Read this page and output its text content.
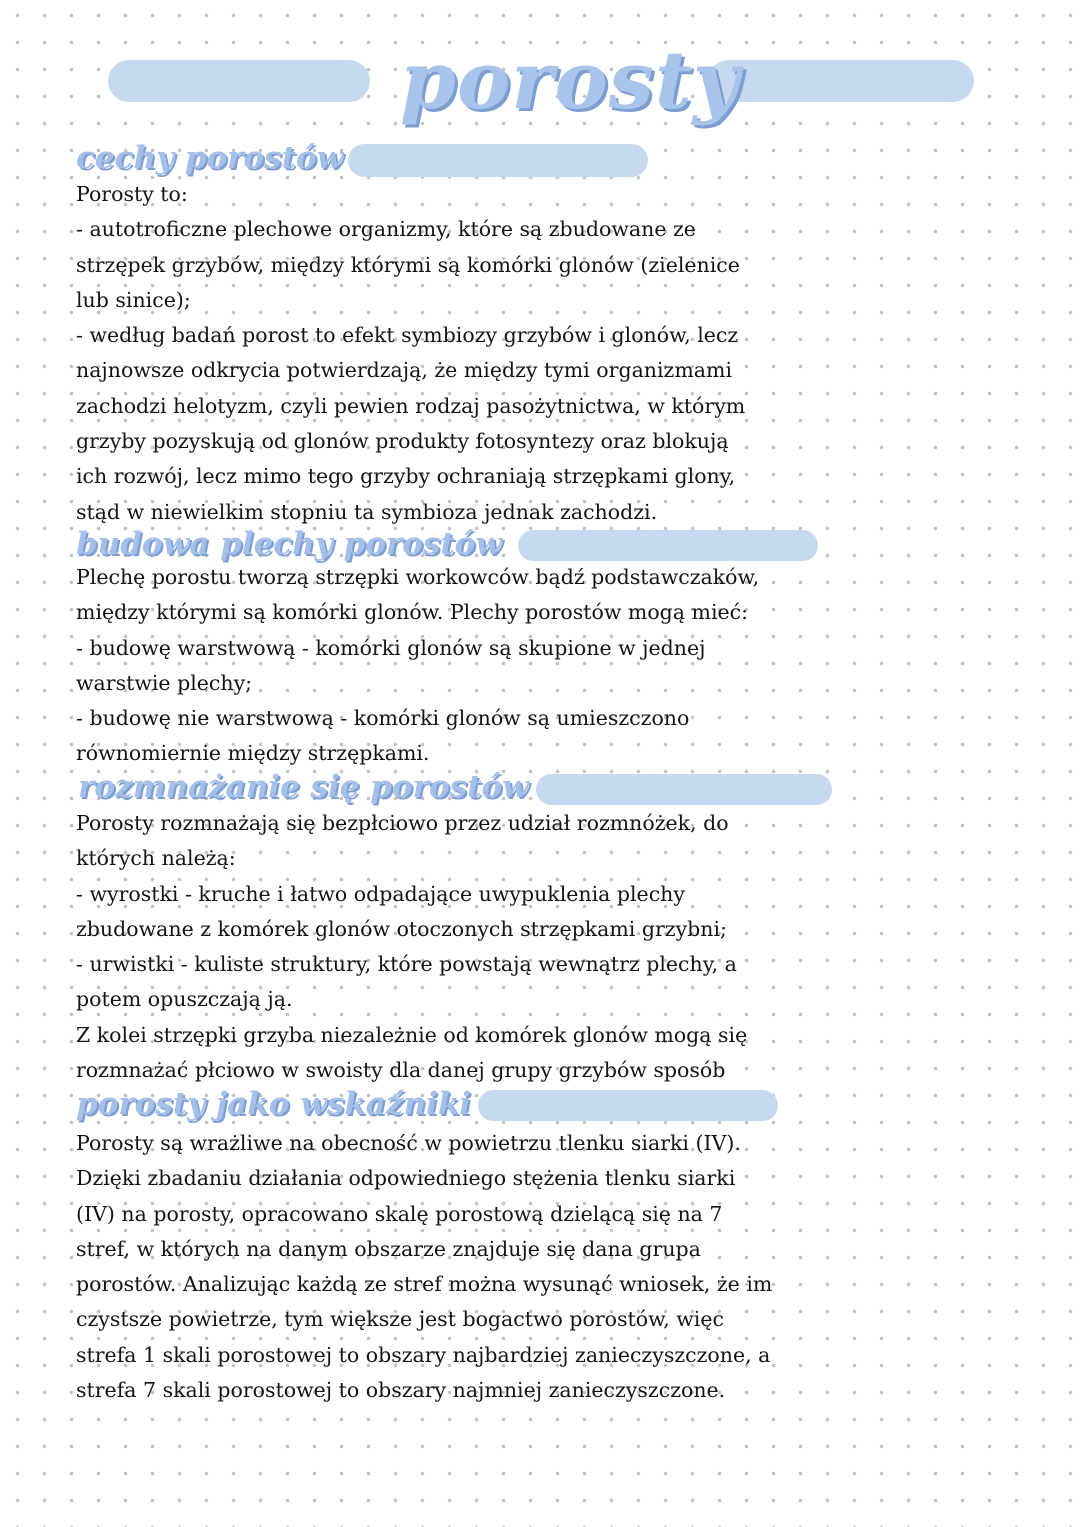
porosty
cechy porostów
Porosty to:
- autotroficzne plechowe organizmy, które są zbudowane ze
strzępek grzybów, między którymi są komórki glonów (zielenice
lub sinice);
- według badań porost to efekt symbiozy grzybów i glonów, lecz
najnowsze odkrycia potwierdzają, że między tymi organizmami
zachodzi helotyzm, czyli pewien rodzaj pasożytnictwa, w którym
grzyby pozyskują od glonów produkty fotosyntezy oraz blokują
ich rozwój, lecz mimo tego grzyby ochraniają strzępkami glony,
stąd w niewielkim stopniu ta symbioza jednak zachodzi.
budowa plechy porostów
Plechę porostu tworzą strzępki workowców bądź podstawczaków,
między którymi są komórki glonów. Plechy porostów mogą mieć:
- budowę warstwową - komórki glonów są skupione w jednej
warstwie plechy;
- budowę nie warstwową - komórki glonów są umieszczono
równomiernie między strzępkami.
rozmnażanie się porostów
Porosty rozmnażają się bezpłciowo przez udział rozmnóżek, do
których należą:
- wyrostki - kruche i łatwo odpadające uwypuklenia plechy
zbudowane z komórek glonów otoczonych strzępkami grzybni;
- urwistki - kuliste struktury, które powstają wewnątrz plechy, a
potem opuszczają ją.
Z kolei strzępki grzyba niezależnie od komórek glonów mogą się
rozmnażać płciowo w swoisty dla danej grupy grzybów sposób
porosty jako wskaźniki
Porosty są wrażliwe na obecność w powietrzu tlenku siarki (IV).
Dzięki zbadaniu działania odpowiedniego stężenia tlenku siarki
(IV) na porosty, opracowano skalę porostową dzielącą się na 7
stref, w których na danym obszarze znajduje się dana grupa
porostów. Analizując każdą ze stref można wysunąć wniosek, że im
czystsze powietrze, tym większe jest bogactwo porostów, więc
strefa 1 skali porostowej to obszary najbardziej zanieczyszczone, a
strefa 7 skali porostowej to obszary najmniej zanieczyszczone.
